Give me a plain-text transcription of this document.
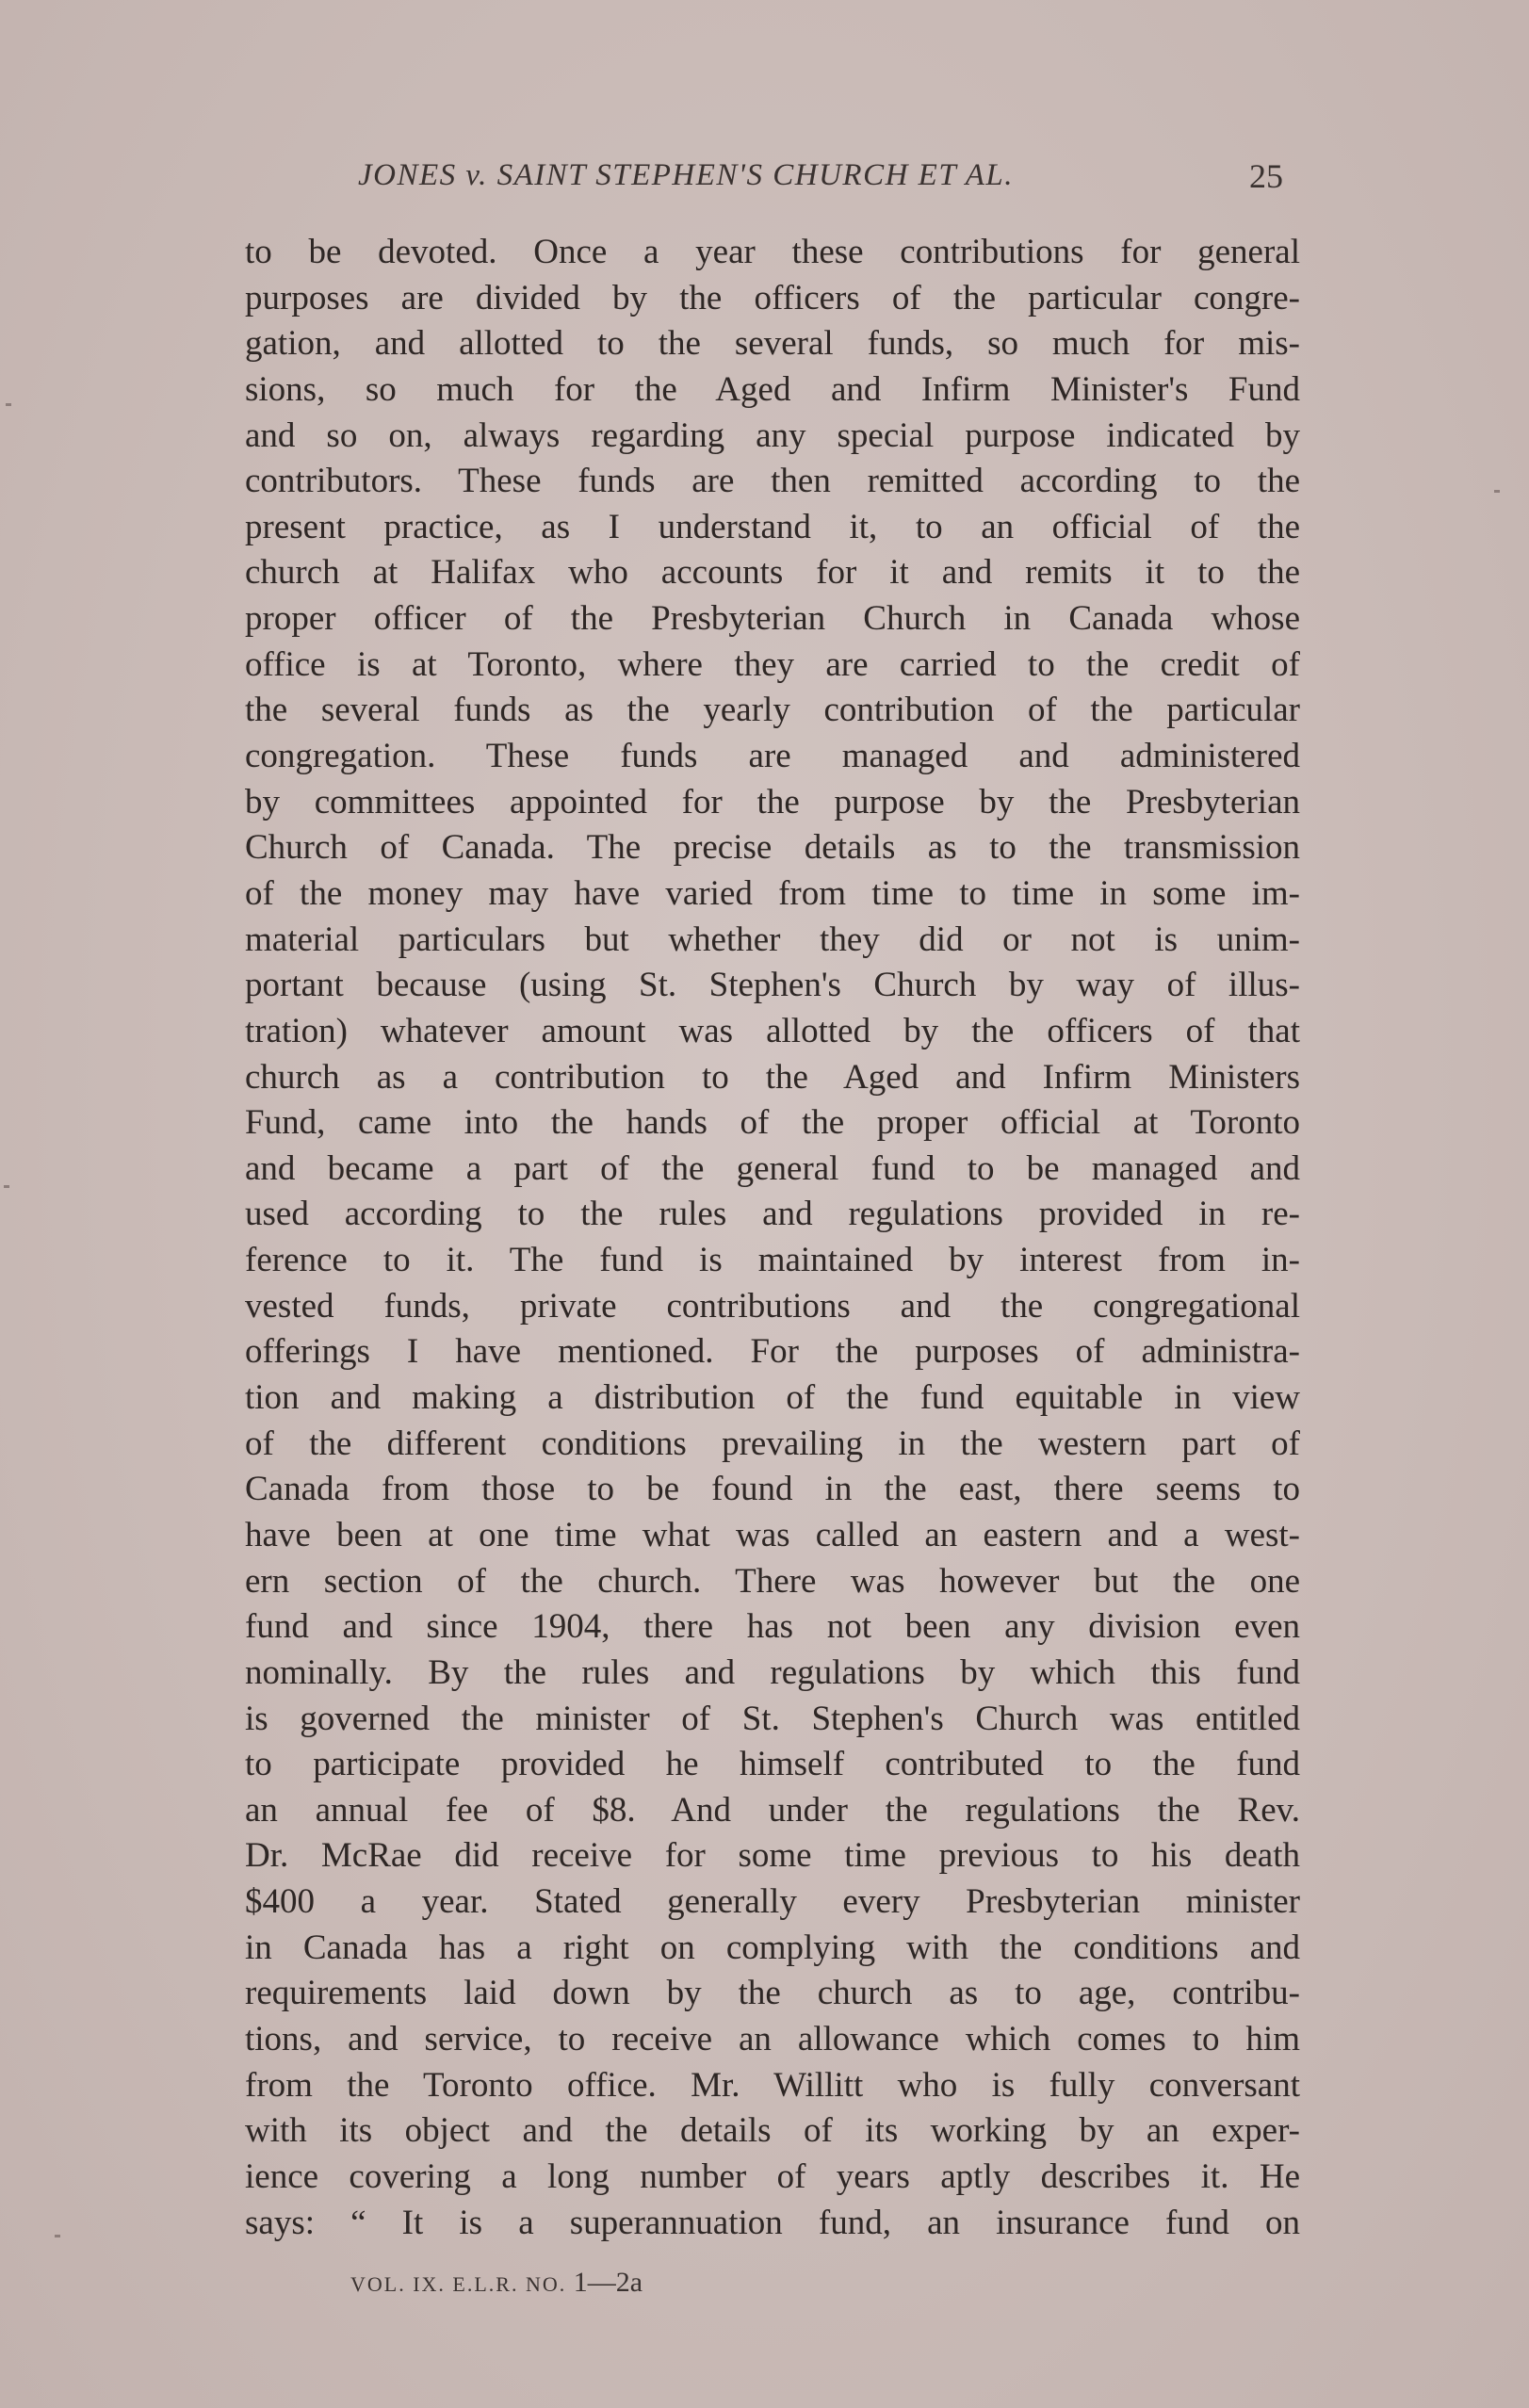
JONES v. SAINT STEPHEN'S CHURCH ET AL.	25
to be devoted. Once a year these contributions for general
purposes are divided by the officers of the particular congre-
gation, and allotted to the several funds, so much for mis-
sions, so much for the Aged and Infirm Minister's Fund
and so on, always regarding any special purpose indicated by
contributors. These funds are then remitted according to the
present practice, as I understand it, to an official of the
church at Halifax who accounts for it and remits it to the
proper officer of the Presbyterian Church in Canada whose
office is at Toronto, where they are carried to the credit of
the several funds as the yearly contribution of the particular
congregation. These funds are managed and administered
by committees appointed for the purpose by the Presbyterian
Church of Canada. The precise details as to the transmission
of the money may have varied from time to time in some im-
material particulars but whether they did or not is unim-
portant because (using St. Stephen's Church by way of illus-
tration) whatever amount was allotted by the officers of that
church as a contribution to the Aged and Infirm Ministers
Fund, came into the hands of the proper official at Toronto
and became a part of the general fund to be managed and
used according to the rules and regulations provided in re-
ference to it. The fund is maintained by interest from in-
vested funds, private contributions and the congregational
offerings I have mentioned. For the purposes of administra-
tion and making a distribution of the fund equitable in view
of the different conditions prevailing in the western part of
Canada from those to be found in the east, there seems to
have been at one time what was called an eastern and a west-
ern section of the church. There was however but the one
fund and since 1904, there has not been any division even
nominally. By the rules and regulations by which this fund
is governed the minister of St. Stephen's Church was entitled
to participate provided he himself contributed to the fund
an annual fee of $8. And under the regulations the Rev.
Dr. McRae did receive for some time previous to his death
$400 a year. Stated generally every Presbyterian minister
in Canada has a right on complying with the conditions and
requirements laid down by the church as to age, contribu-
tions, and service, to receive an allowance which comes to him
from the Toronto office. Mr. Willitt who is fully conversant
with its object and the details of its working by an exper-
ience covering a long number of years aptly describes it. He
says: “ It is a superannuation fund, an insurance fund on
VOL. IX. E.L.R. NO. 1—2a
